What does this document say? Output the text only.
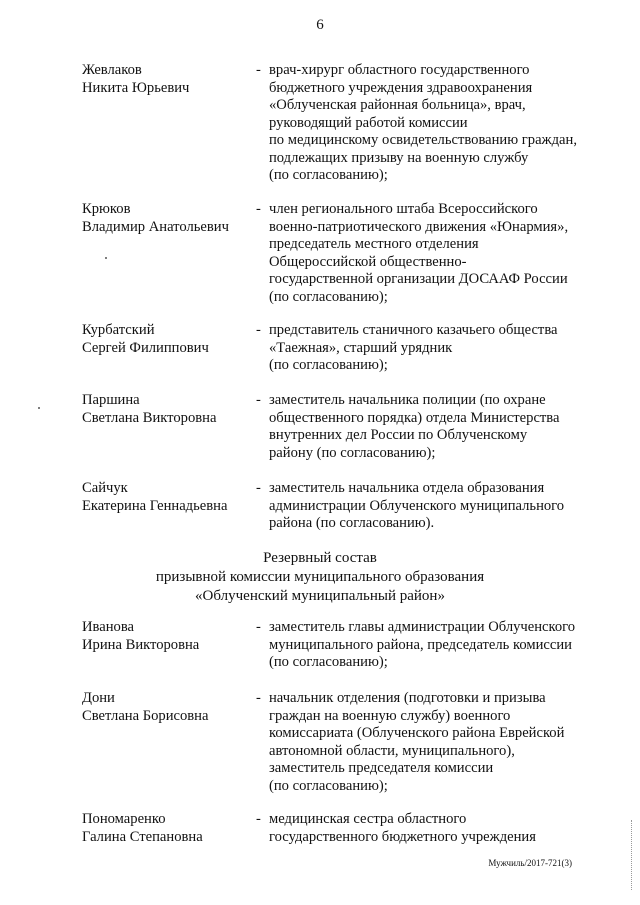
6
Жевлаков
Никита Юрьевич
- врач-хирург областного государственного
бюджетного учреждения здравоохранения
«Облученская районная больница», врач,
руководящий работой комиссии
по медицинскому освидетельствованию граждан,
подлежащих призыву на военную службу
(по согласованию);
Крюков
Владимир Анатольевич
- член регионального штаба Всероссийского
военно-патриотического движения «Юнармия»,
председатель местного отделения
Общероссийской общественно-
государственной организации ДОСААФ России
(по согласованию);
Курбатский
Сергей Филиппович
- представитель станичного казачьего общества
«Таежная», старший урядник
(по согласованию);
Паршина
Светлана Викторовна
- заместитель начальника полиции (по охране
общественного порядка) отдела Министерства
внутренних дел России по Облученскому
району (по согласованию);
Сайчук
Екатерина Геннадьевна
- заместитель начальника отдела образования
администрации Облученского муниципального
района (по согласованию).
Резервный состав
призывной комиссии муниципального образования
«Облученский муниципальный район»
Иванова
Ирина Викторовна
- заместитель главы администрации Облученского
муниципального района, председатель комиссии
(по согласованию);
Дони
Светлана Борисовна
- начальник отделения (подготовки и призыва
граждан на военную службу) военного
комиссариата (Облученского района Еврейской
автономной области, муниципального),
заместитель председателя комиссии
(по согласованию);
Пономаренко
Галина Степановна
- медицинская сестра областного
государственного бюджетного учреждения
Мужчиль/2017-721(3)
